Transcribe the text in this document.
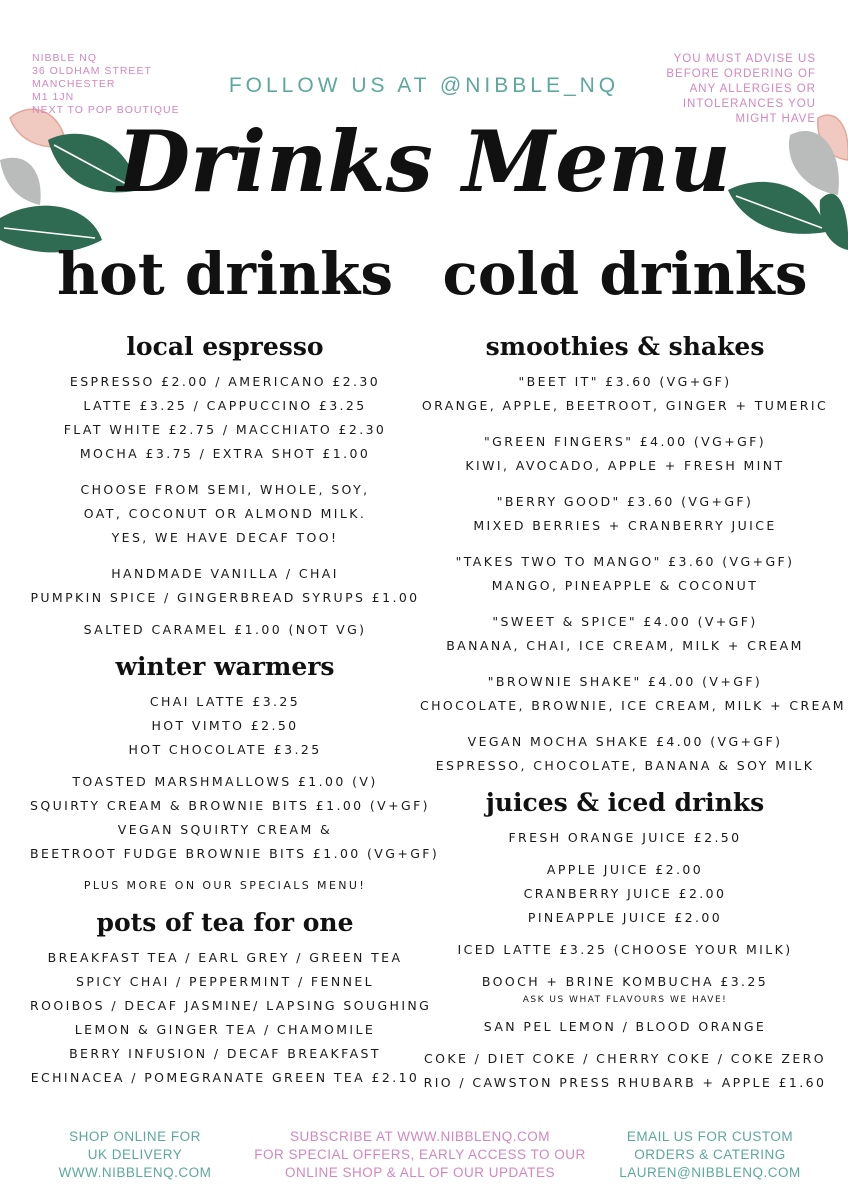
NIBBLE NQ
36 OLDHAM STREET
MANCHESTER
M1 1JN
NEXT TO POP BOUTIQUE
FOLLOW US AT @NIBBLE_NQ
YOU MUST ADVISE US
BEFORE ORDERING OF
ANY ALLERGIES OR
INTOLERANCES YOU
MIGHT HAVE
Drinks Menu
hot drinks cold drinks
local espresso
ESPRESSO £2.00 / AMERICANO £2.30
LATTE £3.25 / CAPPUCCINO £3.25
FLAT WHITE £2.75 / MACCHIATO £2.30
MOCHA £3.75 / EXTRA SHOT £1.00
CHOOSE FROM SEMI, WHOLE, SOY,
OAT, COCONUT OR ALMOND MILK.
YES, WE HAVE DECAF TOO!
HANDMADE VANILLA / CHAI
PUMPKIN SPICE / GINGERBREAD SYRUPS £1.00
SALTED CARAMEL £1.00 (NOT VG)
winter warmers
CHAI LATTE £3.25
HOT VIMTO £2.50
HOT CHOCOLATE £3.25
TOASTED MARSHMALLOWS £1.00 (V)
SQUIRTY CREAM & BROWNIE BITS £1.00 (V+GF)
VEGAN SQUIRTY CREAM &
BEETROOT FUDGE BROWNIE BITS £1.00 (VG+GF)
PLUS MORE ON OUR SPECIALS MENU!
pots of tea for one
BREAKFAST TEA / EARL GREY / GREEN TEA
SPICY CHAI / PEPPERMINT / FENNEL
ROOIBOS / DECAF JASMINE/ LAPSING SOUGHING
LEMON & GINGER TEA / CHAMOMILE
BERRY INFUSION / DECAF BREAKFAST
ECHINACEA / POMEGRANATE GREEN TEA £2.10
smoothies & shakes
"BEET IT" £3.60 (VG+GF)
ORANGE, APPLE, BEETROOT, GINGER + TUMERIC
"GREEN FINGERS" £4.00 (VG+GF)
KIWI, AVOCADO, APPLE + FRESH MINT
"BERRY GOOD" £3.60 (VG+GF)
MIXED BERRIES + CRANBERRY JUICE
"TAKES TWO TO MANGO" £3.60 (VG+GF)
MANGO, PINEAPPLE & COCONUT
"SWEET & SPICE" £4.00 (V+GF)
BANANA, CHAI, ICE CREAM, MILK + CREAM
"BROWNIE SHAKE" £4.00 (V+GF)
CHOCOLATE, BROWNIE, ICE CREAM, MILK + CREAM
VEGAN MOCHA SHAKE £4.00 (VG+GF)
ESPRESSO, CHOCOLATE, BANANA & SOY MILK
juices & iced drinks
FRESH ORANGE JUICE £2.50
APPLE JUICE £2.00
CRANBERRY JUICE £2.00
PINEAPPLE JUICE £2.00
ICED LATTE £3.25 (CHOOSE YOUR MILK)
BOOCH + BRINE KOMBUCHA £3.25
ASK US WHAT FLAVOURS WE HAVE!
SAN PEL LEMON / BLOOD ORANGE
COKE / DIET COKE / CHERRY COKE / COKE ZERO
RIO / CAWSTON PRESS RHUBARB + APPLE £1.60
SHOP ONLINE FOR
UK DELIVERY
WWW.NIBBLENQ.COM
SUBSCRIBE AT WWW.NIBBLENQ.COM
FOR SPECIAL OFFERS, EARLY ACCESS TO OUR
ONLINE SHOP & ALL OF OUR UPDATES
EMAIL US FOR CUSTOM
ORDERS & CATERING
LAUREN@NIBBLENQ.COM
